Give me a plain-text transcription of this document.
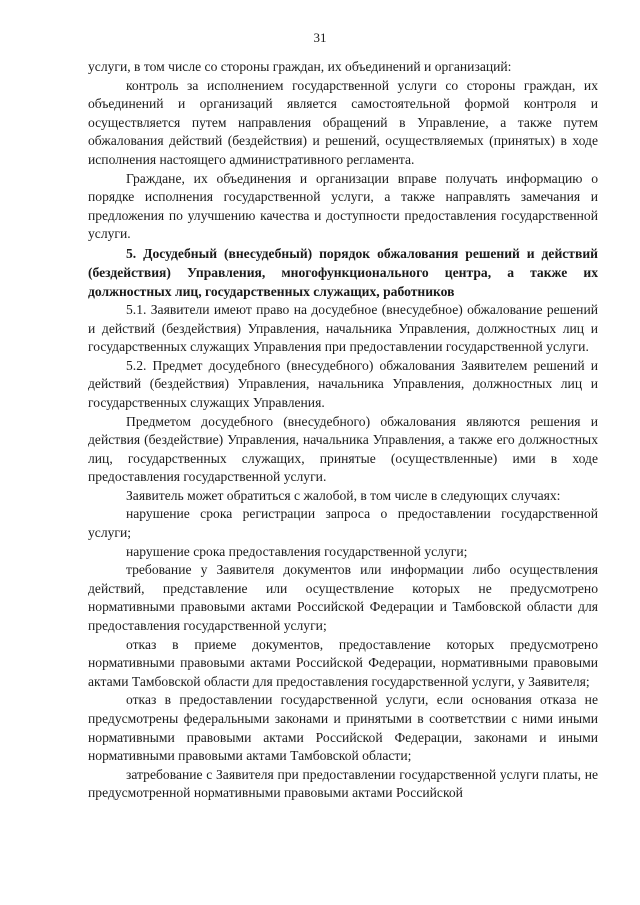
31

услуги, в том числе со стороны граждан, их объединений и организаций:

контроль за исполнением государственной услуги со стороны граждан, их объединений и организаций является самостоятельной формой контроля и осуществляется путем направления обращений в Управление, а также путем обжалования действий (бездействия) и решений, осуществляемых (принятых) в ходе исполнения настоящего административного регламента.

Граждане, их объединения и организации вправе получать информацию о порядке исполнения государственной услуги, а также направлять замечания и предложения по улучшению качества и доступности предоставления государственной услуги.

5. Досудебный (внесудебный) порядок обжалования решений и действий (бездействия) Управления, многофункционального центра, а также их должностных лиц, государственных служащих, работников

5.1. Заявители имеют право на досудебное (внесудебное) обжалование решений и действий (бездействия) Управления, начальника Управления, должностных лиц и государственных служащих Управления при предоставлении государственной услуги.

5.2. Предмет досудебного (внесудебного) обжалования Заявителем решений и действий (бездействия) Управления, начальника Управления, должностных лиц и государственных служащих Управления.

Предметом досудебного (внесудебного) обжалования являются решения и действия (бездействие) Управления, начальника Управления, а также его должностных лиц, государственных служащих, принятые (осуществленные) ими в ходе предоставления государственной услуги.

Заявитель может обратиться с жалобой, в том числе в следующих случаях:

нарушение срока регистрации запроса о предоставлении государственной услуги;

нарушение срока предоставления государственной услуги;

требование у Заявителя документов или информации либо осуществления действий, представление или осуществление которых не предусмотрено нормативными правовыми актами Российской Федерации и Тамбовской области для предоставления государственной услуги;

отказ в приеме документов, предоставление которых предусмотрено нормативными правовыми актами Российской Федерации, нормативными правовыми актами Тамбовской области для предоставления государственной услуги, у Заявителя;

отказ в предоставлении государственной услуги, если основания отказа не предусмотрены федеральными законами и принятыми в соответствии с ними иными нормативными правовыми актами Российской Федерации, законами и иными нормативными правовыми актами Тамбовской области;

затребование с Заявителя при предоставлении государственной услуги платы, не предусмотренной нормативными правовыми актами Российской
